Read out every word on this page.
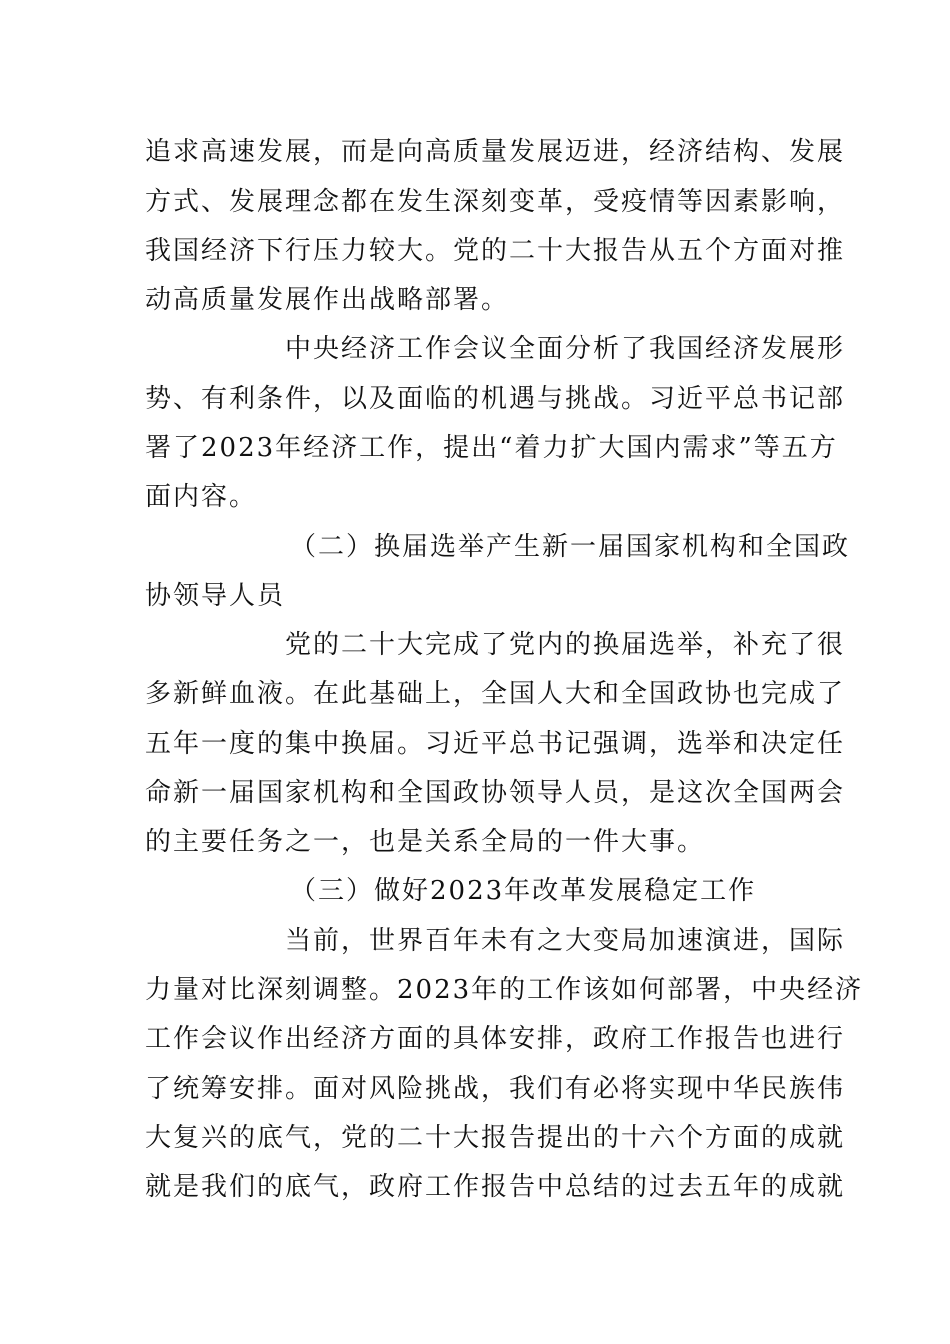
追求高速发展，而是向高质量发展迈进，经济结构、发展
方式、发展理念都在发生深刻变革，受疫情等因素影响，
我国经济下行压力较大。党的二十大报告从五个方面对推
动高质量发展作出战略部署。
中央经济工作会议全面分析了我国经济发展形
势、有利条件，以及面临的机遇与挑战。习近平总书记部
署了2023年经济工作，提出“着力扩大国内需求”等五方
面内容。
（二）换届选举产生新一届国家机构和全国政
协领导人员
党的二十大完成了党内的换届选举，补充了很
多新鲜血液。在此基础上，全国人大和全国政协也完成了
五年一度的集中换届。习近平总书记强调，选举和决定任
命新一届国家机构和全国政协领导人员，是这次全国两会
的主要任务之一，也是关系全局的一件大事。
（三）做好2023年改革发展稳定工作
当前，世界百年未有之大变局加速演进，国际
力量对比深刻调整。2023年的工作该如何部署，中央经济
工作会议作出经济方面的具体安排，政府工作报告也进行
了统筹安排。面对风险挑战，我们有必将实现中华民族伟
大复兴的底气，党的二十大报告提出的十六个方面的成就
就是我们的底气，政府工作报告中总结的过去五年的成就
